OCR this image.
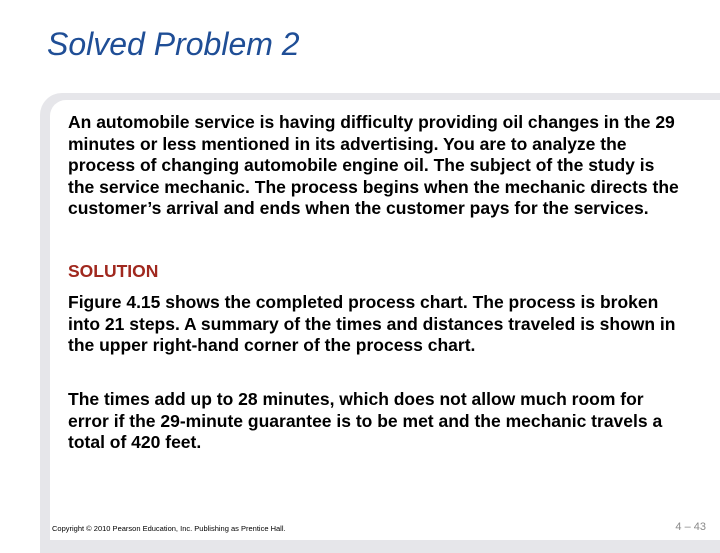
Solved Problem 2

An automobile service is having difficulty providing oil changes in the 29 minutes or less mentioned in its advertising. You are to analyze the process of changing automobile engine oil. The subject of the study is the service mechanic. The process begins when the mechanic directs the customer’s arrival and ends when the customer pays for the services.

SOLUTION

Figure 4.15 shows the completed process chart. The process is broken into 21 steps. A summary of the times and distances traveled is shown in the upper right-hand corner of the process chart.

The times add up to 28 minutes, which does not allow much room for error if the 29-minute guarantee is to be met and the mechanic travels a total of 420 feet.

Copyright © 2010 Pearson Education, Inc. Publishing as Prentice Hall.	4 – 43
